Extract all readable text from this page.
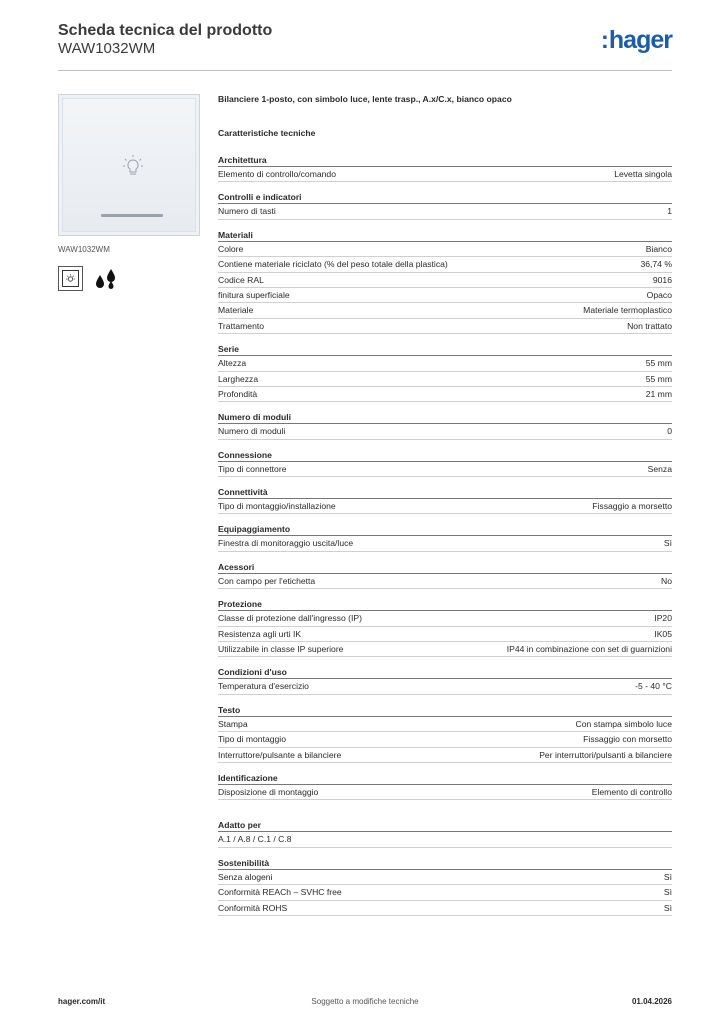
Scheda tecnica del prodotto
WAW1032WM	:hager
WAW1032WM
Bilanciere 1-posto, con simbolo luce, lente trasp., A.x/C.x, bianco opaco
Caratteristiche tecniche
Architettura
Elemento di controllo/comando	Levetta singola
Controlli e indicatori
Numero di tasti	1
Materiali
Colore	Bianco
Contiene materiale riciclato (% del peso totale della plastica)	36,74 %
Codice RAL	9016
finitura superficiale	Opaco
Materiale	Materiale termoplastico
Trattamento	Non trattato
Serie
Altezza	55 mm
Larghezza	55 mm
Profondità	21 mm
Numero di moduli
Numero di moduli	0
Connessione
Tipo di connettore	Senza
Connettività
Tipo di montaggio/installazione	Fissaggio a morsetto
Equipaggiamento
Finestra di monitoraggio uscita/luce	Sì
Acessori
Con campo per l'etichetta	No
Protezione
Classe di protezione dall'ingresso (IP)	IP20
Resistenza agli urti IK	IK05
Utilizzabile in classe IP superiore	IP44 in combinazione con set di guarnizioni
Condizioni d'uso
Temperatura d'esercizio	-5 - 40 °C
Testo
Stampa	Con stampa simbolo luce
Tipo di montaggio	Fissaggio con morsetto
Interruttore/pulsante a bilanciere	Per interruttori/pulsanti a bilanciere
Identificazione
Disposizione di montaggio	Elemento di controllo
Adatto per
A.1 / A.8 / C.1 / C.8
Sostenibilità
Senza alogeni	Sì
Conformità REACh – SVHC free	Sì
Conformità ROHS	Sì
hager.com/it	Soggetto a modifiche tecniche	01.04.2026
